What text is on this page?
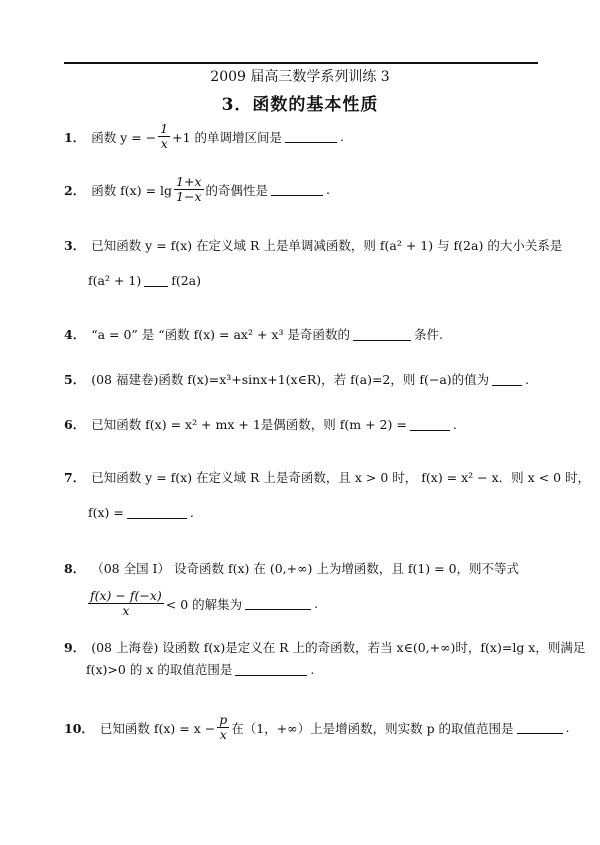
2009 届高三数学系列训练 3
3．函数的基本性质
1． 函数 y = − $\frac{1}{x} +1$ 的单调增区间是	.
2． 函数 $f(x) = \lg \frac{1+x}{1-x}$ 的奇偶性是	.
3． 已知函数 y = f(x) 在定义域 R 上是单调减函数，则 f(a² + 1) 与 f(2a) 的大小关系是
f(a² + 1) f(2a)
4． “a = 0” 是 “函数 f(x) = ax² + x³ 是奇函数的	条件.
5． (08 福建卷)函数 f(x)=x³+sinx+1(x∈R)，若 f(a)=2，则 f(−a)的值为	.
6． 已知函数 f(x) = x² + mx + 1是偶函数，则 f(m + 2) =	.
7． 已知函数 y = f(x) 在定义域 R 上是奇函数，且 x > 0 时， f(x) = x² − x．则 x < 0 时，
f(x) =	.
8． （08 全国 I） 设奇函数 f(x) 在 (0,+∞) 上为增函数，且 f(1) = 0，则不等式
$\frac{f(x) - f(-x)}{x} < 0$ 的解集为	.
9． (08 上海卷) 设函数 f(x)是定义在 R 上的奇函数，若当 x∈(0,+∞)时，f(x)=lg x，则满足
f(x)>0 的 x 的取值范围是	.
10． 已知函数 $f(x) = x - \frac{p}{x}$ 在（1，+∞）上是增函数，则实数 p 的取值范围是	.
